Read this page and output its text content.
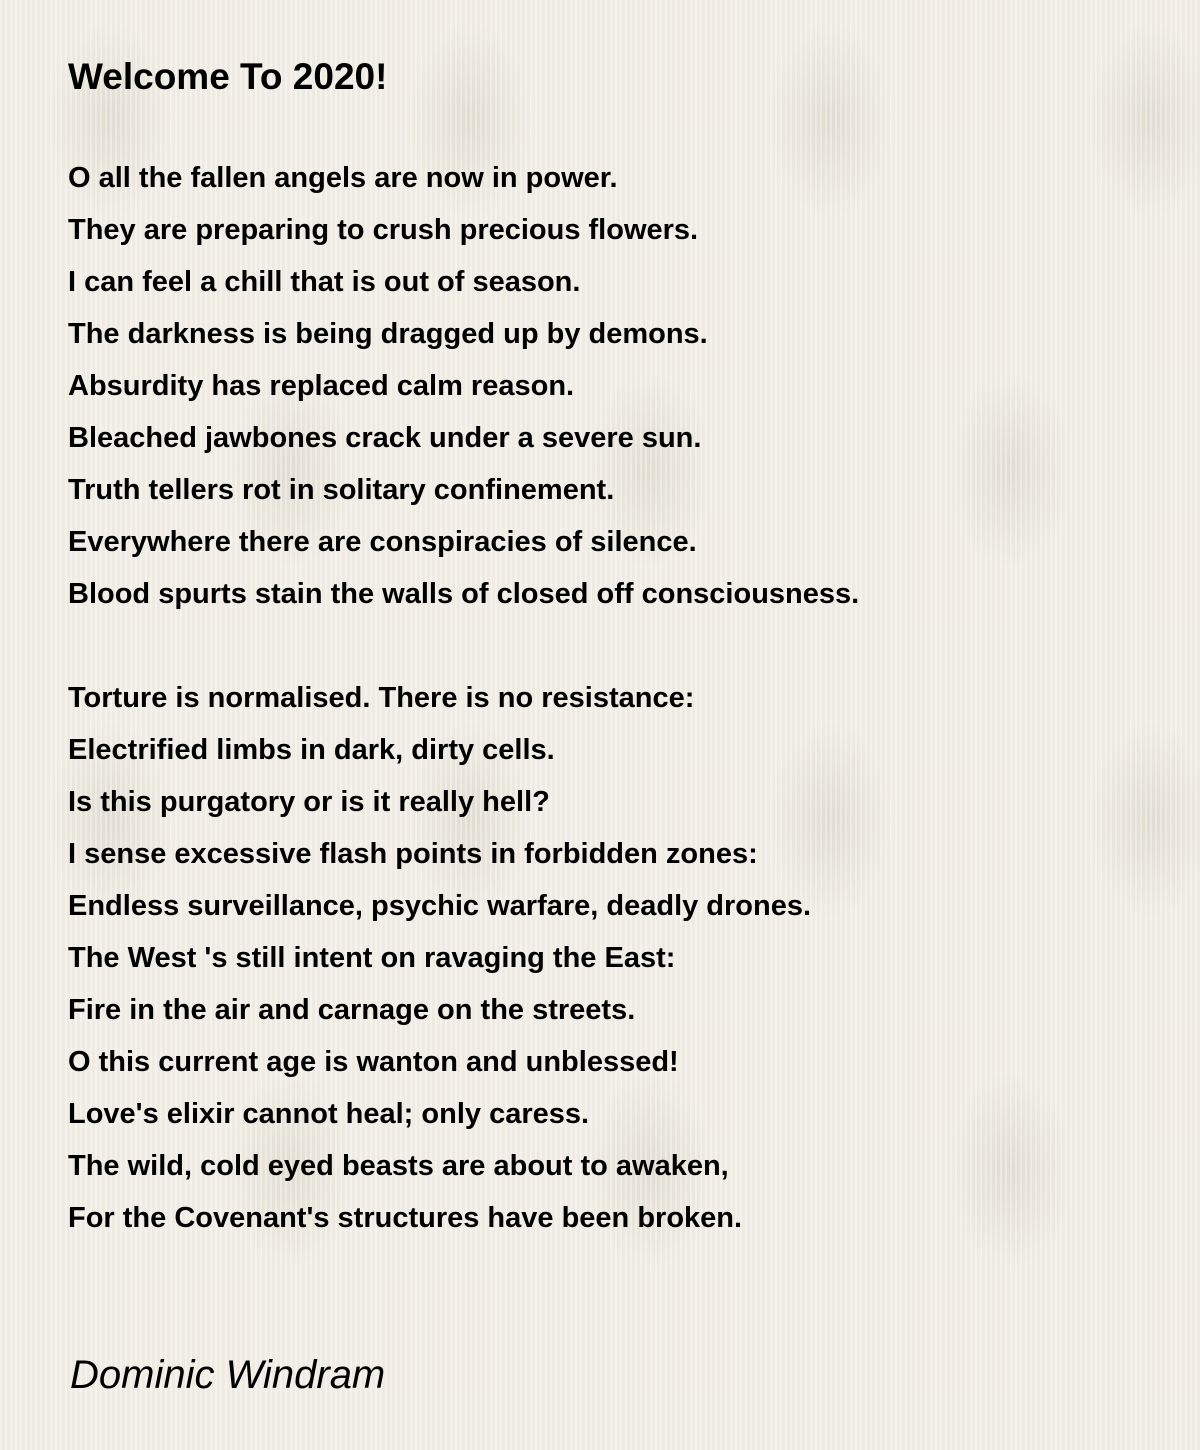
Welcome To 2020!
O all the fallen angels are now in power.
They are preparing to crush precious flowers.
I can feel a chill that is out of season.
The darkness is being dragged up by demons.
Absurdity has replaced calm reason.
Bleached jawbones crack under a severe sun.
Truth tellers rot in solitary confinement.
Everywhere there are conspiracies of silence.
Blood spurts stain the walls of closed off consciousness.
Torture is normalised. There is no resistance:
Electrified limbs in dark, dirty cells.
Is this purgatory or is it really hell?
I sense excessive flash points in forbidden zones:
Endless surveillance, psychic warfare, deadly drones.
The West 's still intent on ravaging the East:
Fire in the air and carnage on the streets.
O this current age is wanton and unblessed!
Love's elixir cannot heal; only caress.
The wild, cold eyed beasts are about to awaken,
For the Covenant's structures have been broken.
Dominic Windram
